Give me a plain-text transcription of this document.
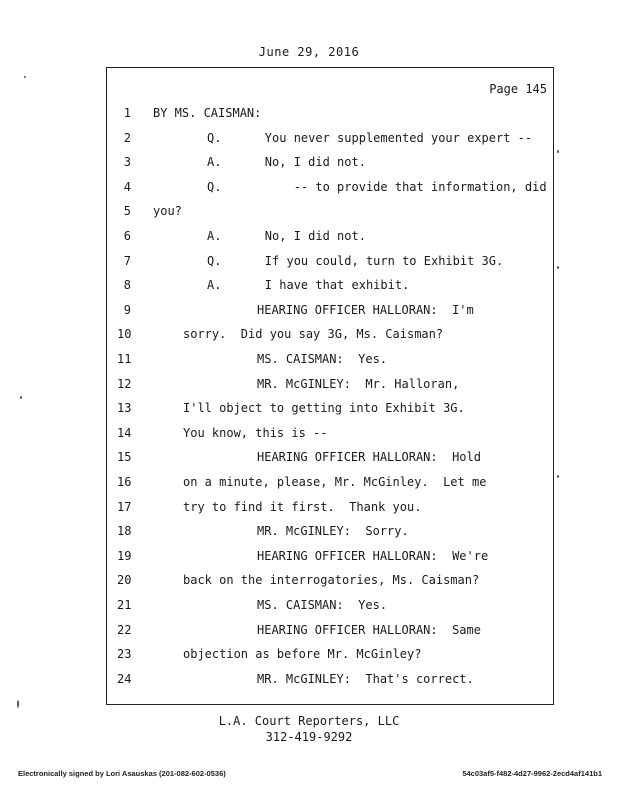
June 29, 2016
Page 145
1 BY MS. CAISMAN:
2	Q.      You never supplemented your expert --
3	A.      No, I did not.
4	Q.          -- to provide that information, did
5 you?
6	A.      No, I did not.
7	Q.      If you could, turn to Exhibit 3G.
8	A.      I have that exhibit.
9	HEARING OFFICER HALLORAN:  I'm
10	sorry.  Did you say 3G, Ms. Caisman?
11	MS. CAISMAN:  Yes.
12	MR. McGINLEY:  Mr. Halloran,
13	I'll object to getting into Exhibit 3G.
14	You know, this is --
15	HEARING OFFICER HALLORAN:  Hold
16	on a minute, please, Mr. McGinley.  Let me
17	try to find it first.  Thank you.
18	MR. McGINLEY:  Sorry.
19	HEARING OFFICER HALLORAN:  We're
20	back on the interrogatories, Ms. Caisman?
21	MS. CAISMAN:  Yes.
22	HEARING OFFICER HALLORAN:  Same
23	objection as before Mr. McGinley?
24	MR. McGINLEY:  That's correct.
L.A. Court Reporters, LLC
312-419-9292
Electronically signed by Lori Asauskas (201-082-602-0536)	54c03af5-f482-4d27-9962-2ecd4af141b1
